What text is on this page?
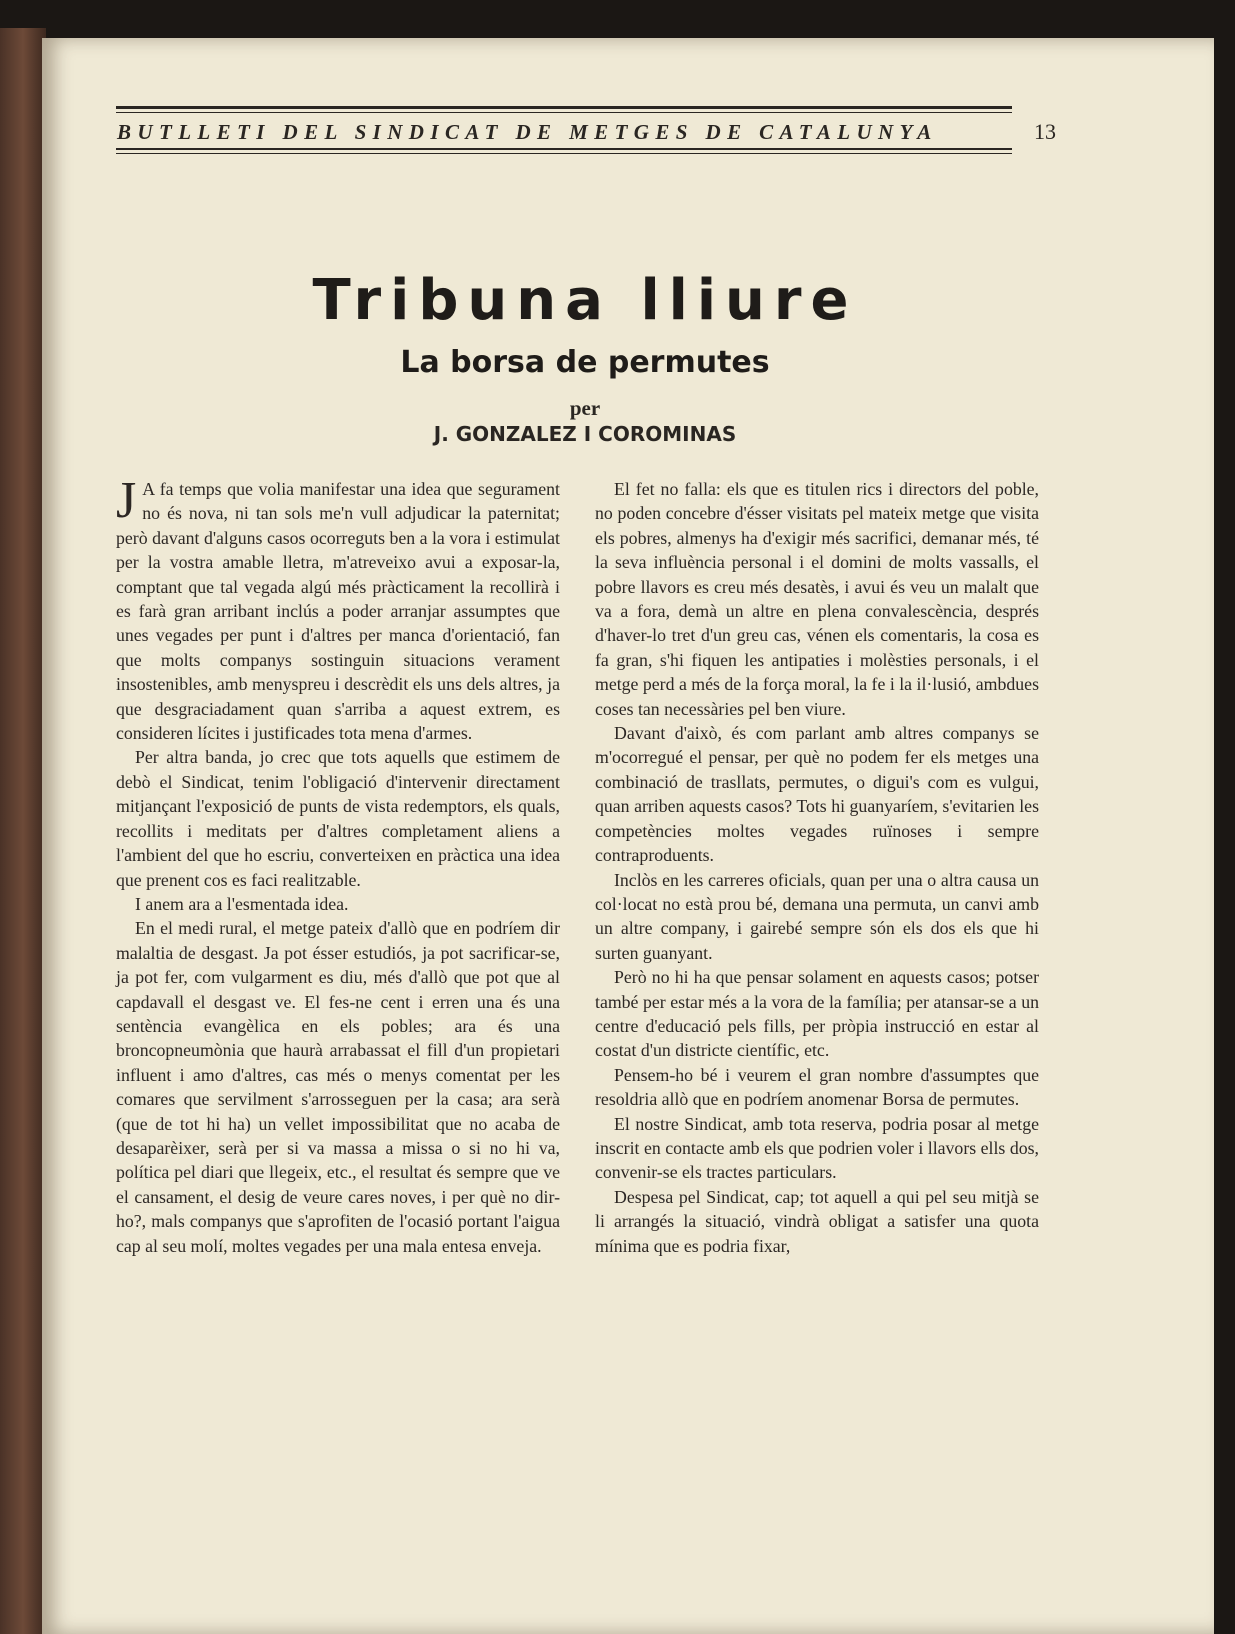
BUTLLETI DEL SINDICAT DE METGES DE CATALUNYA	13
Tribuna lliure
La borsa de permutes
per
J. GONZALEZ I COROMINAS

J A fa temps que volia manifestar una idea que segurament no és nova, ni tan sols me'n vull adjudicar la paternitat; però davant d'alguns casos ocorreguts ben a la vora i estimulat per la vostra amable lletra, m'atreveixo avui a exposar-la, comptant que tal vegada algú més pràcticament la recollirà i es farà gran arribant inclús a poder arranjar assumptes que unes vegades per punt i d'altres per manca d'orientació, fan que molts companys sostinguin situacions verament insostenibles, amb menyspreu i descrèdit els uns dels altres, ja que desgraciadament quan s'arriba a aquest extrem, es consideren lícites i justificades tota mena d'armes.

Per altra banda, jo crec que tots aquells que estimem de debò el Sindicat, tenim l'obligació d'intervenir directament mitjançant l'exposició de punts de vista redemptors, els quals, recollits i meditats per d'altres completament aliens a l'ambient del que ho escriu, converteixen en pràctica una idea que prenent cos es faci realitzable.

I anem ara a l'esmentada idea.

En el medi rural, el metge pateix d'allò que en podríem dir malaltia de desgast. Ja pot ésser estudiós, ja pot sacrificar-se, ja pot fer, com vulgarment es diu, més d'allò que pot que al capdavall el desgast ve. El fes-ne cent i erren una és una sentència evangèlica en els pobles; ara és una broncopneumònia que haurà arrabassat el fill d'un propietari influent i amo d'altres, cas més o menys comentat per les comares que servilment s'arrosseguen per la casa; ara serà (que de tot hi ha) un vellet impossibilitat que no acaba de desaparèixer, serà per si va massa a missa o si no hi va, política pel diari que llegeix, etc., el resultat és sempre que ve el cansament, el desig de veure cares noves, i per què no dir-ho?, mals companys que s'aprofiten de l'ocasió portant l'aigua cap al seu molí, moltes vegades per una mala entesa enveja.

El fet no falla: els que es titulen rics i directors del poble, no poden concebre d'ésser visitats pel mateix metge que visita els pobres, almenys ha d'exigir més sacrifici, demanar més, té la seva influència personal i el domini de molts vassalls, el pobre llavors es creu més desatès, i avui és veu un malalt que va a fora, demà un altre en plena convalescència, després d'haver-lo tret d'un greu cas, vénen els comentaris, la cosa es fa gran, s'hi fiquen les antipaties i molèsties personals, i el metge perd a més de la força moral, la fe i la il·lusió, ambdues coses tan necessàries pel ben viure.

Davant d'això, és com parlant amb altres companys se m'ocorregué el pensar, per què no podem fer els metges una combinació de trasllats, permutes, o digui's com es vulgui, quan arriben aquests casos? Tots hi guanyaríem, s'evitarien les competències moltes vegades ruïnoses i sempre contraproduents.

Inclòs en les carreres oficials, quan per una o altra causa un col·locat no està prou bé, demana una permuta, un canvi amb un altre company, i gairebé sempre són els dos els que hi surten guanyant.

Però no hi ha que pensar solament en aquests casos; potser també per estar més a la vora de la família; per atansar-se a un centre d'educació pels fills, per pròpia instrucció en estar al costat d'un districte científic, etc.

Pensem-ho bé i veurem el gran nombre d'assumptes que resoldria allò que en podríem anomenar Borsa de permutes.

El nostre Sindicat, amb tota reserva, podria posar al metge inscrit en contacte amb els que podrien voler i llavors ells dos, convenir-se els tractes particulars.

Despesa pel Sindicat, cap; tot aquell a qui pel seu mitjà se li arrangés la situació, vindrà obligat a satisfer una quota mínima que es podria fixar,
